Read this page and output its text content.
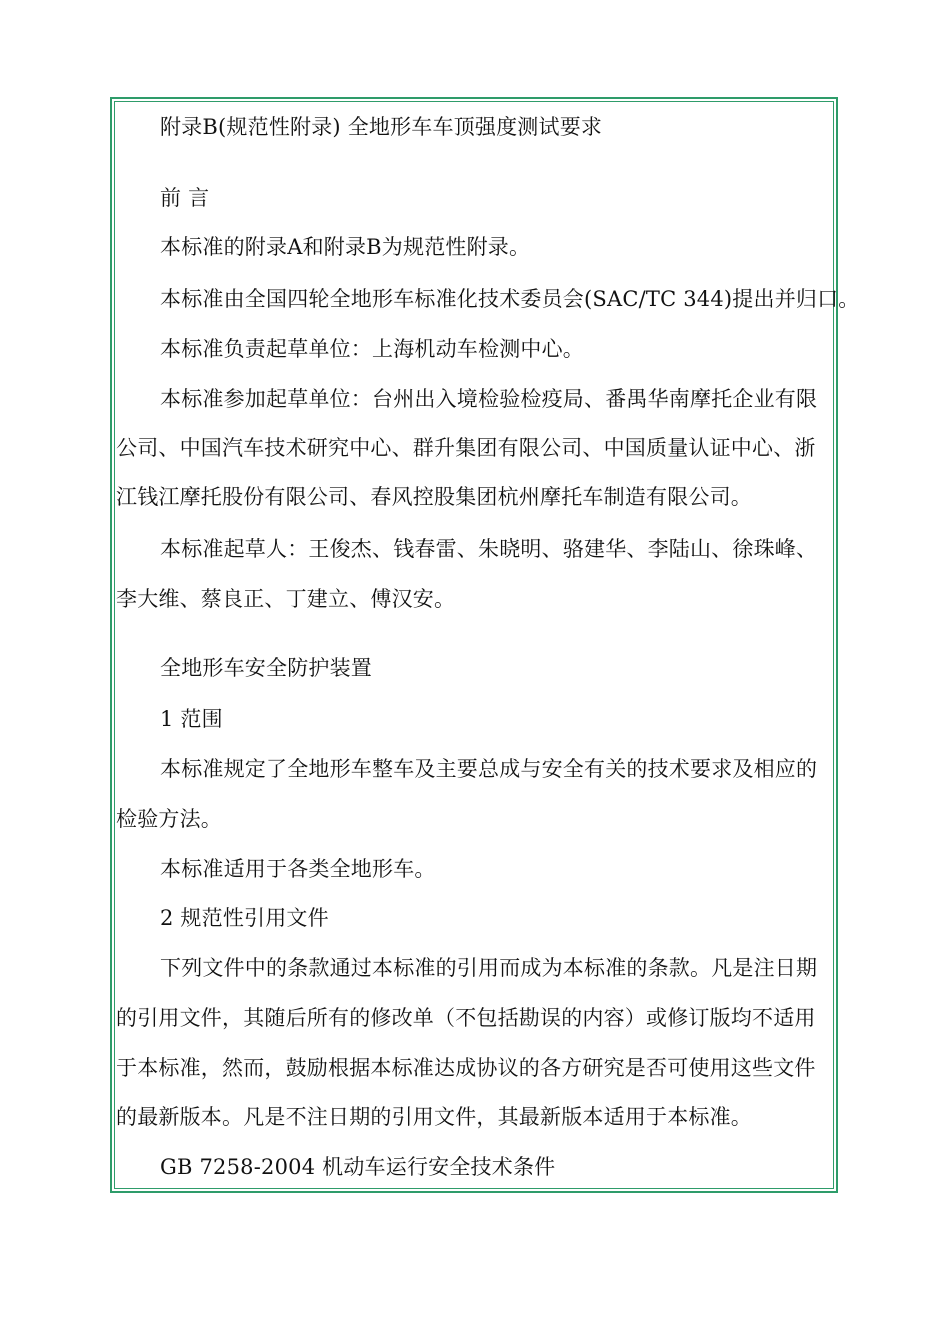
附录B(规范性附录) 全地形车车顶强度测试要求
前 言
本标准的附录A和附录B为规范性附录。
本标准由全国四轮全地形车标准化技术委员会(SAC/TC 344)提出并归口。
本标准负责起草单位：上海机动车检测中心。
本标准参加起草单位：台州出入境检验检疫局、番禺华南摩托企业有限
公司、中国汽车技术研究中心、群升集团有限公司、中国质量认证中心、浙
江钱江摩托股份有限公司、春风控股集团杭州摩托车制造有限公司。
本标准起草人：王俊杰、钱春雷、朱晓明、骆建华、李陆山、徐珠峰、
李大维、蔡良正、丁建立、傅汉安。
全地形车安全防护装置
1 范围
本标准规定了全地形车整车及主要总成与安全有关的技术要求及相应的
检验方法。
本标准适用于各类全地形车。
2 规范性引用文件
下列文件中的条款通过本标准的引用而成为本标准的条款。凡是注日期
的引用文件，其随后所有的修改单（不包括勘误的内容）或修订版均不适用
于本标准，然而，鼓励根据本标准达成协议的各方研究是否可使用这些文件
的最新版本。凡是不注日期的引用文件，其最新版本适用于本标准。
GB 7258-2004 机动车运行安全技术条件
